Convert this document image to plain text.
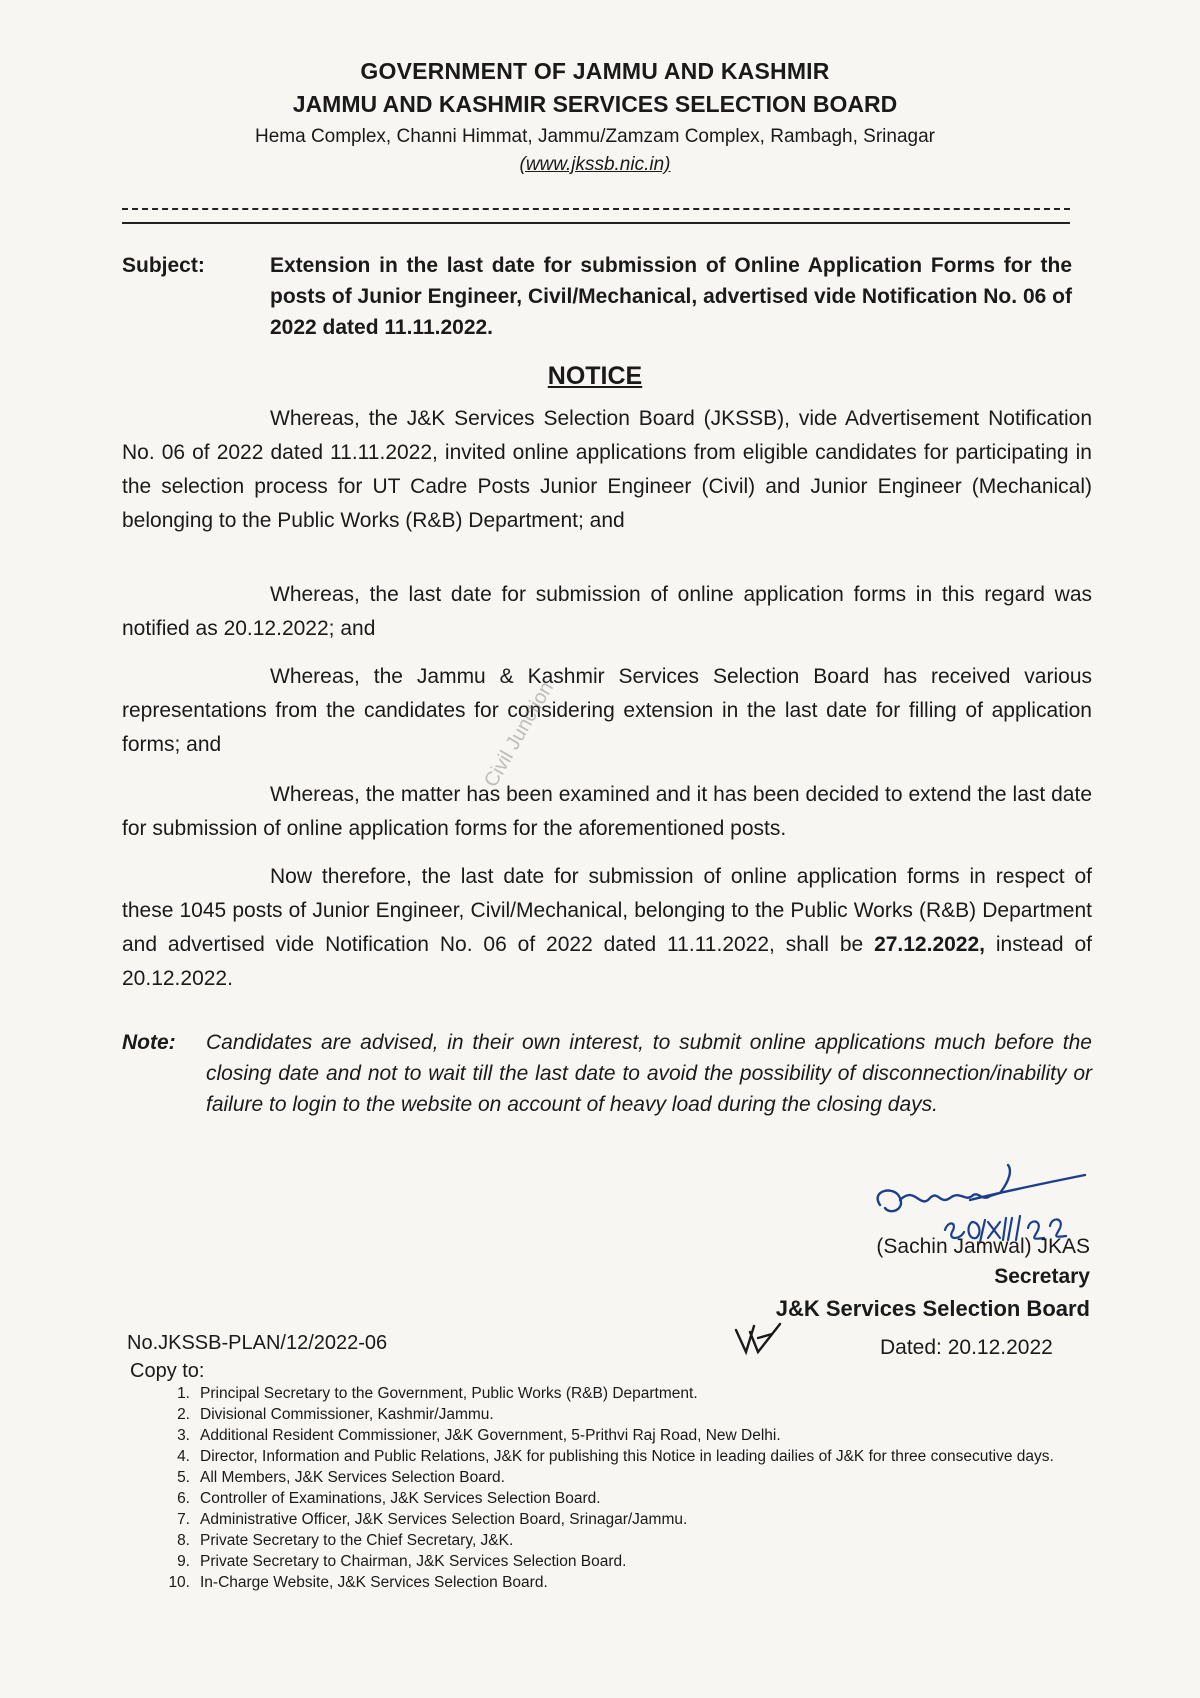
GOVERNMENT OF JAMMU AND KASHMIR
JAMMU AND KASHMIR SERVICES SELECTION BOARD
Hema Complex, Channi Himmat, Jammu/Zamzam Complex, Rambagh, Srinagar
(www.jkssb.nic.in)
Subject:	Extension in the last date for submission of Online Application Forms for the posts of Junior Engineer, Civil/Mechanical, advertised vide Notification No. 06 of 2022 dated 11.11.2022.
NOTICE
Whereas, the J&K Services Selection Board (JKSSB), vide Advertisement Notification No. 06 of 2022 dated 11.11.2022, invited online applications from eligible candidates for participating in the selection process for UT Cadre Posts Junior Engineer (Civil) and Junior Engineer (Mechanical) belonging to the Public Works (R&B) Department; and
Whereas, the last date for submission of online application forms in this regard was notified as 20.12.2022; and
Whereas, the Jammu & Kashmir Services Selection Board has received various representations from the candidates for considering extension in the last date for filling of application forms; and
Whereas, the matter has been examined and it has been decided to extend the last date for submission of online application forms for the aforementioned posts.
Now therefore, the last date for submission of online application forms in respect of these 1045 posts of Junior Engineer, Civil/Mechanical, belonging to the Public Works (R&B) Department and advertised vide Notification No. 06 of 2022 dated 11.11.2022, shall be 27.12.2022, instead of 20.12.2022.
Civil Junction
Note: Candidates are advised, in their own interest, to submit online applications much before the closing date and not to wait till the last date to avoid the possibility of disconnection/inability or failure to login to the website on account of heavy load during the closing days.
(Sachin Jamwal) JKAS
Secretary
J&K Services Selection Board
No.JKSSB-PLAN/12/2022-06	Dated: 20.12.2022
Copy to:
1. Principal Secretary to the Government, Public Works (R&B) Department.
2. Divisional Commissioner, Kashmir/Jammu.
3. Additional Resident Commissioner, J&K Government, 5-Prithvi Raj Road, New Delhi.
4. Director, Information and Public Relations, J&K for publishing this Notice in leading dailies of J&K for three consecutive days.
5. All Members, J&K Services Selection Board.
6. Controller of Examinations, J&K Services Selection Board.
7. Administrative Officer, J&K Services Selection Board, Srinagar/Jammu.
8. Private Secretary to the Chief Secretary, J&K.
9. Private Secretary to Chairman, J&K Services Selection Board.
10. In-Charge Website, J&K Services Selection Board.
